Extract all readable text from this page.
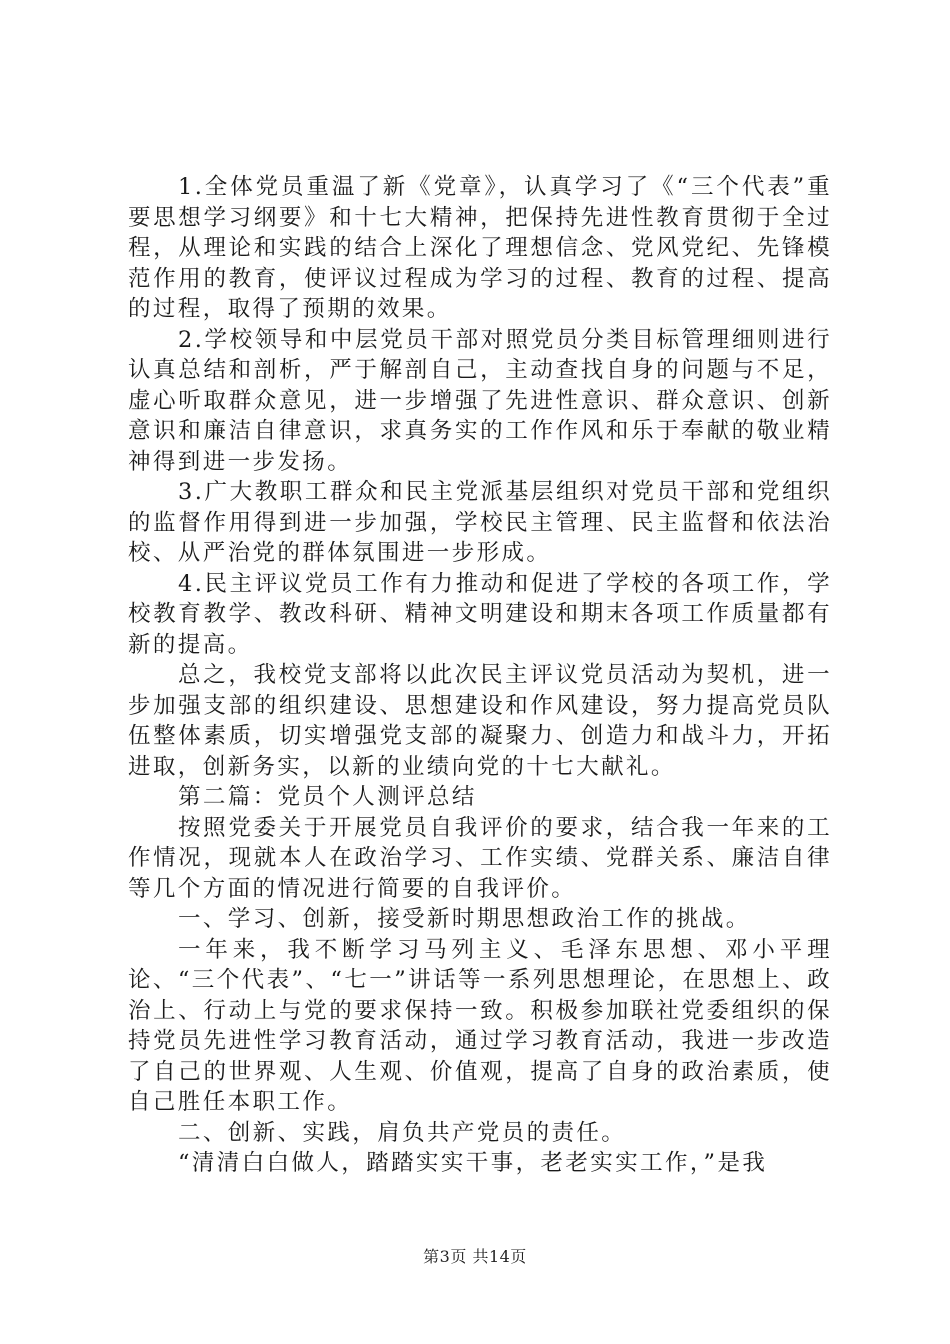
1.全体党员重温了新《党章》，认真学习了《“三个代表”重要思想学习纲要》和十七大精神，把保持先进性教育贯彻于全过程，从理论和实践的结合上深化了理想信念、党风党纪、先锋模范作用的教育，使评议过程成为学习的过程、教育的过程、提高的过程，取得了预期的效果。

2.学校领导和中层党员干部对照党员分类目标管理细则进行认真总结和剖析，严于解剖自己，主动查找自身的问题与不足，虚心听取群众意见，进一步增强了先进性意识、群众意识、创新意识和廉洁自律意识，求真务实的工作作风和乐于奉献的敬业精神得到进一步发扬。

3.广大教职工群众和民主党派基层组织对党员干部和党组织的监督作用得到进一步加强，学校民主管理、民主监督和依法治校、从严治党的群体氛围进一步形成。

4.民主评议党员工作有力推动和促进了学校的各项工作，学校教育教学、教改科研、精神文明建设和期末各项工作质量都有新的提高。

总之，我校党支部将以此次民主评议党员活动为契机，进一步加强支部的组织建设、思想建设和作风建设，努力提高党员队伍整体素质，切实增强党支部的凝聚力、创造力和战斗力，开拓进取，创新务实，以新的业绩向党的十七大献礼。

第二篇：党员个人测评总结

按照党委关于开展党员自我评价的要求，结合我一年来的工作情况，现就本人在政治学习、工作实绩、党群关系、廉洁自律等几个方面的情况进行简要的自我评价。

一、学习、创新，接受新时期思想政治工作的挑战。

一年来，我不断学习马列主义、毛泽东思想、邓小平理论、“三个代表”、“七一”讲话等一系列思想理论，在思想上、政治上、行动上与党的要求保持一致。积极参加联社党委组织的保持党员先进性学习教育活动，通过学习教育活动，我进一步改造了自己的世界观、人生观、价值观，提高了自身的政治素质，使自己胜任本职工作。

二、创新、实践，肩负共产党员的责任。

“清清白白做人，踏踏实实干事，老老实实工作，”是我

第3页 共14页
